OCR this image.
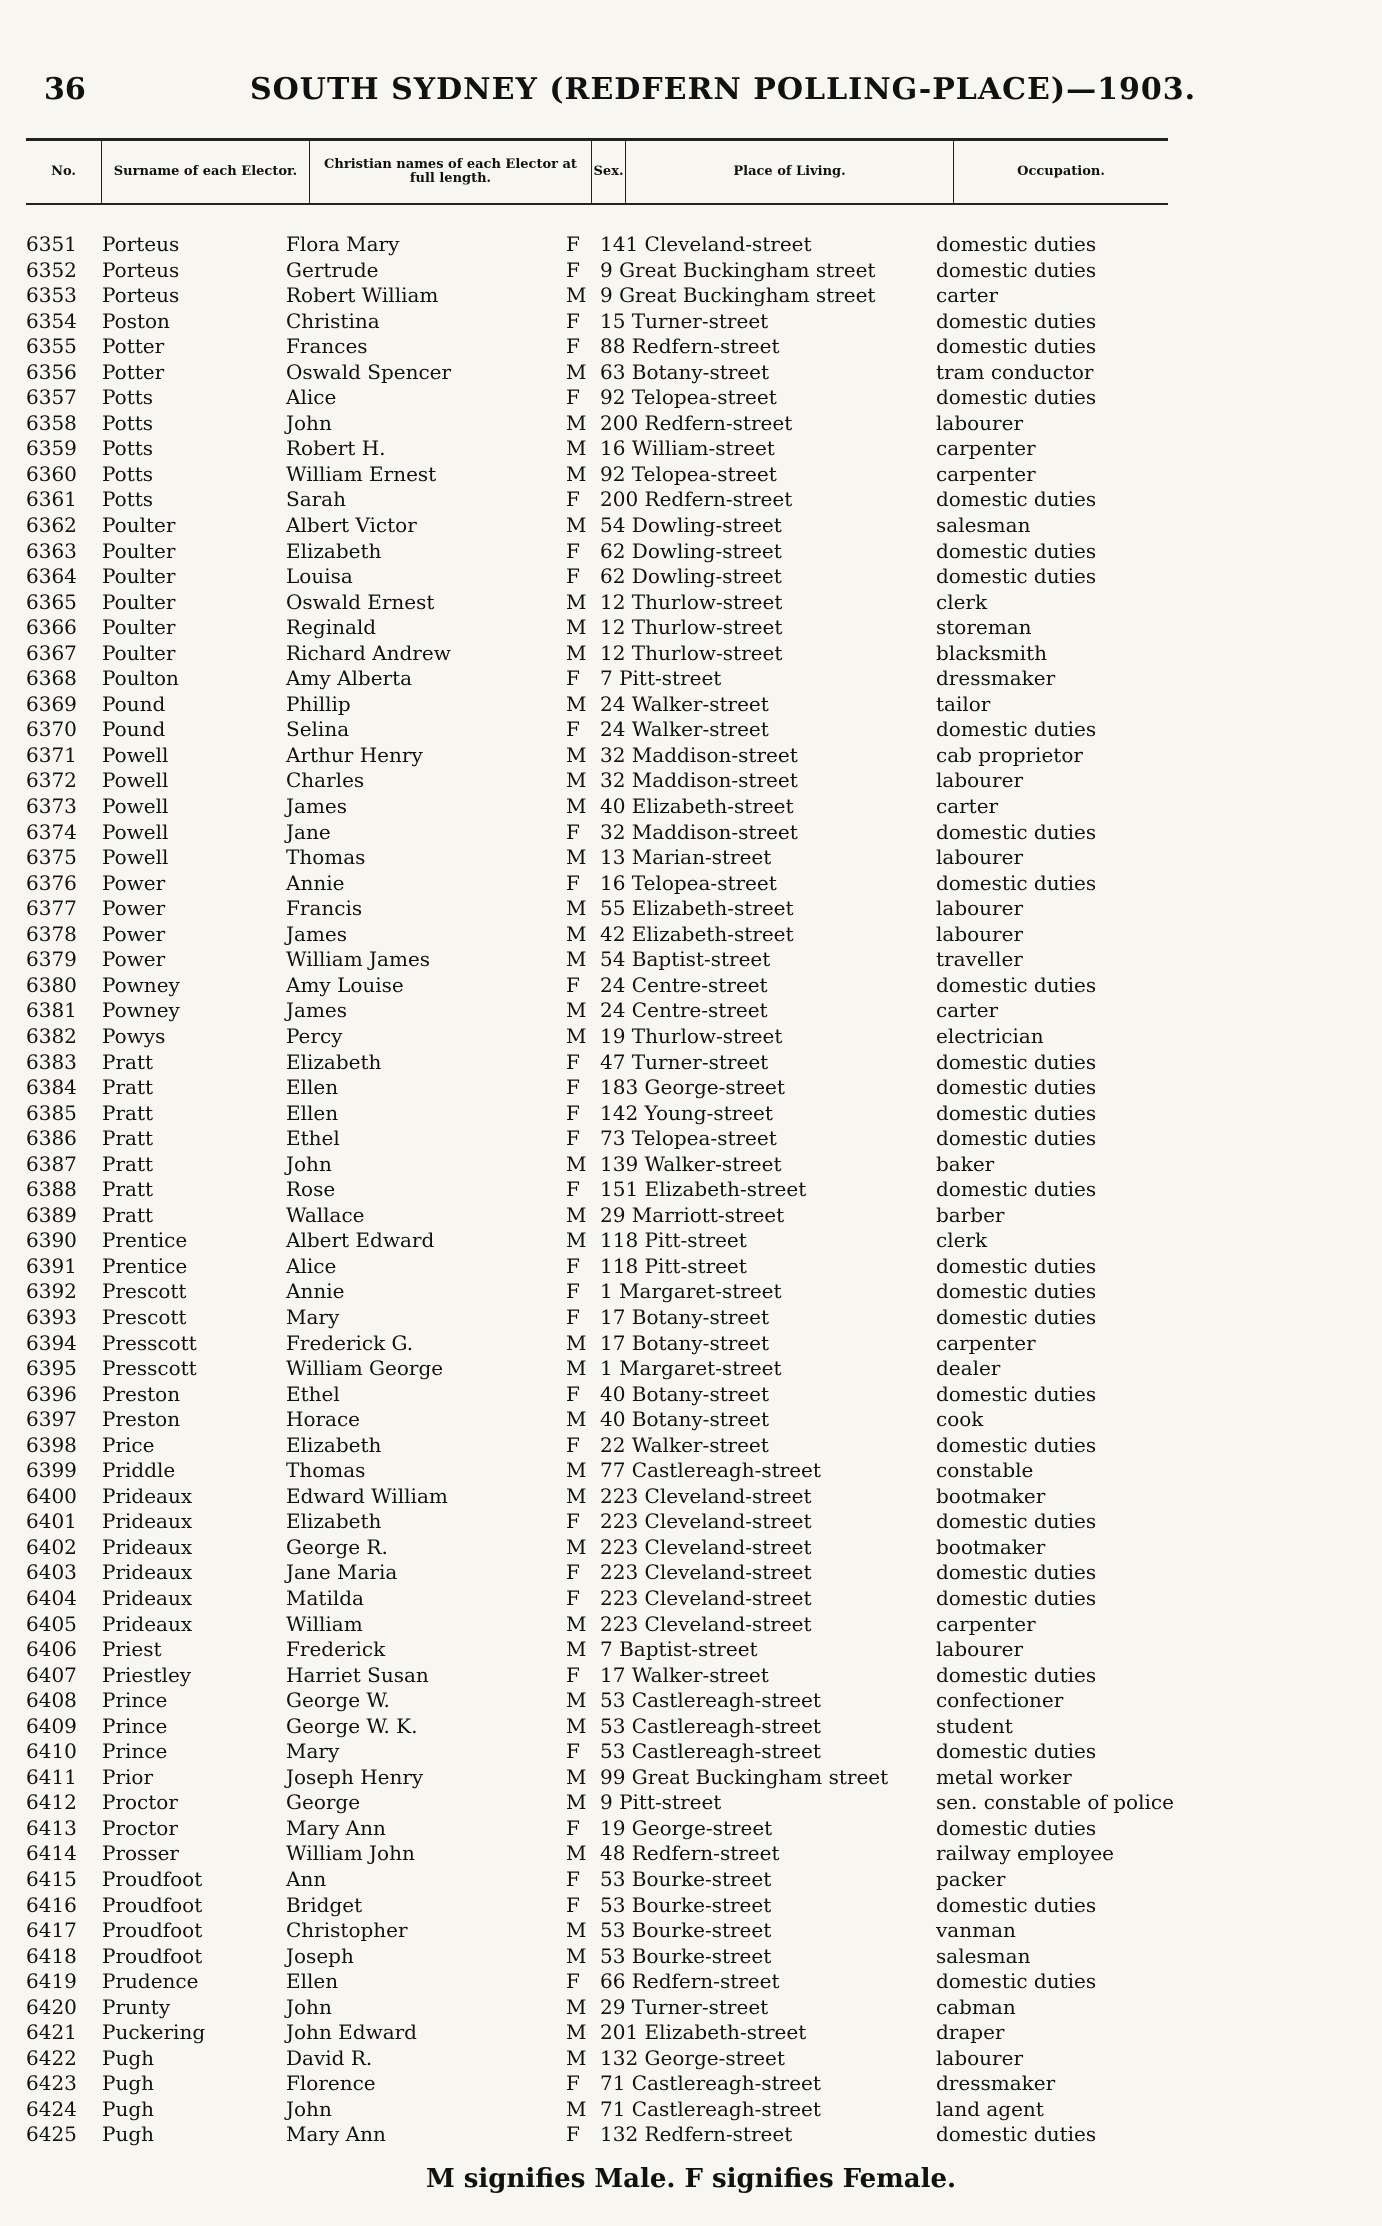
36	SOUTH SYDNEY (REDFERN POLLING-PLACE)—1903.
No.	Surname of each Elector.	Christian names of each Elector at full length.	Sex.	Place of Living.	Occupation.
6351	Porteus	Flora Mary	F	141 Cleveland-street	domestic duties
6352	Porteus	Gertrude	F	9 Great Buckingham street	domestic duties
6353	Porteus	Robert William	M 9 Great Buckingham street	carter
6354	Poston	Christina	F	15 Turner-street	domestic duties
6355	Potter	Frances	F	88 Redfern-street	domestic duties
6356	Potter	Oswald Spencer	M 63 Botany-street	tram conductor
6357	Potts	Alice	F	92 Telopea-street	domestic duties
6358	Potts	John	M 200 Redfern-street	labourer
6359	Potts	Robert H.	M 16 William-street	carpenter
6360	Potts	William Ernest	M 92 Telopea-street	carpenter
6361	Potts	Sarah	F	200 Redfern-street	domestic duties
6362	Poulter	Albert Victor	M 54 Dowling-street	salesman
6363	Poulter	Elizabeth	F	62 Dowling-street	domestic duties
6364	Poulter	Louisa	F	62 Dowling-street	domestic duties
6365	Poulter	Oswald Ernest	M 12 Thurlow-street	clerk
6366	Poulter	Reginald	M 12 Thurlow-street	storeman
6367	Poulter	Richard Andrew	M 12 Thurlow-street	blacksmith
6368	Poulton	Amy Alberta	F	7 Pitt-street	dressmaker
6369	Pound	Phillip	M 24 Walker-street	tailor
6370	Pound	Selina	F	24 Walker-street	domestic duties
6371	Powell	Arthur Henry	M 32 Maddison-street	cab proprietor
6372	Powell	Charles	M 32 Maddison-street	labourer
6373	Powell	James	M 40 Elizabeth-street	carter
6374	Powell	Jane	F	32 Maddison-street	domestic duties
6375	Powell	Thomas	M 13 Marian-street	labourer
6376	Power	Annie	F	16 Telopea-street	domestic duties
6377	Power	Francis	M 55 Elizabeth-street	labourer
6378	Power	James	M 42 Elizabeth-street	labourer
6379	Power	William James	M 54 Baptist-street	traveller
6380	Powney	Amy Louise	F	24 Centre-street	domestic duties
6381	Powney	James	M 24 Centre-street	carter
6382	Powys	Percy	M 19 Thurlow-street	electrician
6383	Pratt	Elizabeth	F	47 Turner-street	domestic duties
6384	Pratt	Ellen	F	183 George-street	domestic duties
6385	Pratt	Ellen	F	142 Young-street	domestic duties
6386	Pratt	Ethel	F	73 Telopea-street	domestic duties
6387	Pratt	John	M 139 Walker-street	baker
6388	Pratt	Rose	F	151 Elizabeth-street	domestic duties
6389	Pratt	Wallace	M 29 Marriott-street	barber
6390	Prentice	Albert Edward	M 118 Pitt-street	clerk
6391	Prentice	Alice	F	118 Pitt-street	domestic duties
6392	Prescott	Annie	F	1 Margaret-street	domestic duties
6393	Prescott	Mary	F	17 Botany-street	domestic duties
6394	Presscott	Frederick G.	M 17 Botany-street	carpenter
6395	Presscott	William George	M 1 Margaret-street	dealer
6396	Preston	Ethel	F	40 Botany-street	domestic duties
6397	Preston	Horace	M 40 Botany-street	cook
6398	Price	Elizabeth	F	22 Walker-street	domestic duties
6399	Priddle	Thomas	M 77 Castlereagh-street	constable
6400	Prideaux	Edward William	M 223 Cleveland-street	bootmaker
6401	Prideaux	Elizabeth	F	223 Cleveland-street	domestic duties
6402	Prideaux	George R.	M 223 Cleveland-street	bootmaker
6403	Prideaux	Jane Maria	F	223 Cleveland-street	domestic duties
6404	Prideaux	Matilda	F	223 Cleveland-street	domestic duties
6405	Prideaux	William	M 223 Cleveland-street	carpenter
6406	Priest	Frederick	M 7 Baptist-street	labourer
6407	Priestley	Harriet Susan	F	17 Walker-street	domestic duties
6408	Prince	George W.	M 53 Castlereagh-street	confectioner
6409	Prince	George W. K.	M 53 Castlereagh-street	student
6410	Prince	Mary	F	53 Castlereagh-street	domestic duties
6411	Prior	Joseph Henry	M 99 Great Buckingham street	metal worker
6412	Proctor	George	M 9 Pitt-street	sen. constable of police
6413	Proctor	Mary Ann	F	19 George-street	domestic duties
6414	Prosser	William John	M 48 Redfern-street	railway employee
6415	Proudfoot	Ann	F	53 Bourke-street	packer
6416	Proudfoot	Bridget	F	53 Bourke-street	domestic duties
6417	Proudfoot	Christopher	M 53 Bourke-street	vanman
6418	Proudfoot	Joseph	M 53 Bourke-street	salesman
6419	Prudence	Ellen	F	66 Redfern-street	domestic duties
6420	Prunty	John	M 29 Turner-street	cabman
6421	Puckering	John Edward	M 201 Elizabeth-street	draper
6422	Pugh	David R.	M 132 George-street	labourer
6423	Pugh	Florence	F	71 Castlereagh-street	dressmaker
6424	Pugh	John	M 71 Castlereagh-street	land agent
6425	Pugh	Mary Ann	F	132 Redfern-street	domestic duties
M signifies Male. F signifies Female.
